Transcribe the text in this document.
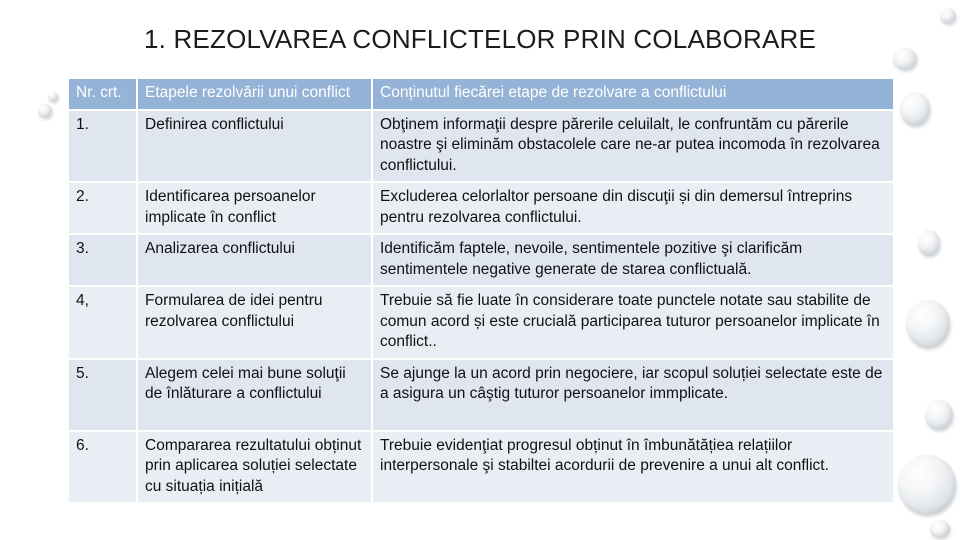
1. REZOLVAREA CONFLICTELOR PRIN COLABORARE
Nr. crt.	Etapele rezolvării unui conflict	Conținutul fiecărei etape de rezolvare a conflictului
1.	Definirea conflictului	Obţinem informaţii despre părerile celuilalt, le confruntăm cu părerile noastre şi eliminăm obstacolele care ne-ar putea incomoda în rezolvarea conflictului.
2.	Identificarea persoanelor implicate în conflict	Excluderea celorlaltor persoane din discuţii și din demersul întreprins pentru rezolvarea conflictului.
3.	Analizarea conflictului	Identificăm faptele, nevoile, sentimentele pozitive şi clarificăm sentimentele negative generate de starea conflictuală.
4,	Formularea de idei pentru rezolvarea conflictului	Trebuie să fie luate în considerare toate punctele notate sau stabilite de comun acord și este crucială participarea tuturor persoanelor implicate în conflict..
5.	Alegem celei mai bune soluţii de înlăturare a conflictului	Se ajunge la un acord prin negociere, iar scopul soluției selectate este de a asigura un câştig tuturor persoanelor immplicate.
6.	Compararea rezultatului obținut prin aplicarea soluției selectate cu situația inițială	Trebuie evidenţiat progresul obținut în îmbunătățiea relațiilor interpersonale şi stabiltei acordurii de prevenire a unui alt conflict.
